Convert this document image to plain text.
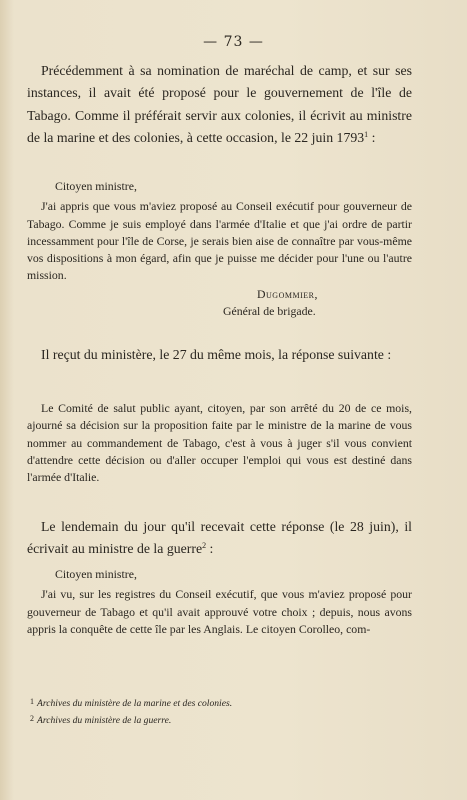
— 73 —

Précédemment à sa nomination de maréchal de camp, et sur ses instances, il avait été proposé pour le gouvernement de l'île de Tabago. Comme il préférait servir aux colonies, il écrivit au ministre de la marine et des colonies, à cette occasion, le 22 juin 1793$^1$ :

Citoyen ministre,

J'ai appris que vous m'aviez proposé au Conseil exécutif pour gouverneur de Tabago. Comme je suis employé dans l'armée d'Italie et que j'ai ordre de partir incessamment pour l'île de Corse, je serais bien aise de connaître par vous-même vos dispositions à mon égard, afin que je puisse me décider pour l'une ou l'autre mission.

Dugommier,

Général de brigade.

Il reçut du ministère, le 27 du même mois, la réponse suivante :

Le Comité de salut public ayant, citoyen, par son arrêté du 20 de ce mois, ajourné sa décision sur la proposition faite par le ministre de la marine de vous nommer au commandement de Tabago, c'est à vous à juger s'il vous convient d'attendre cette décision ou d'aller occuper l'emploi qui vous est destiné dans l'armée d'Italie.

Le lendemain du jour qu'il recevait cette réponse (le 28 juin), il écrivait au ministre de la guerre$^2$ :

Citoyen ministre,

J'ai vu, sur les registres du Conseil exécutif, que vous m'aviez proposé pour gouverneur de Tabago et qu'il avait approuvé votre choix ; depuis, nous avons appris la conquête de cette île par les Anglais. Le citoyen Corolleo, com-

$^1$ Archives du ministère de la marine et des colonies.

$^2$ Archives du ministère de la guerre.
